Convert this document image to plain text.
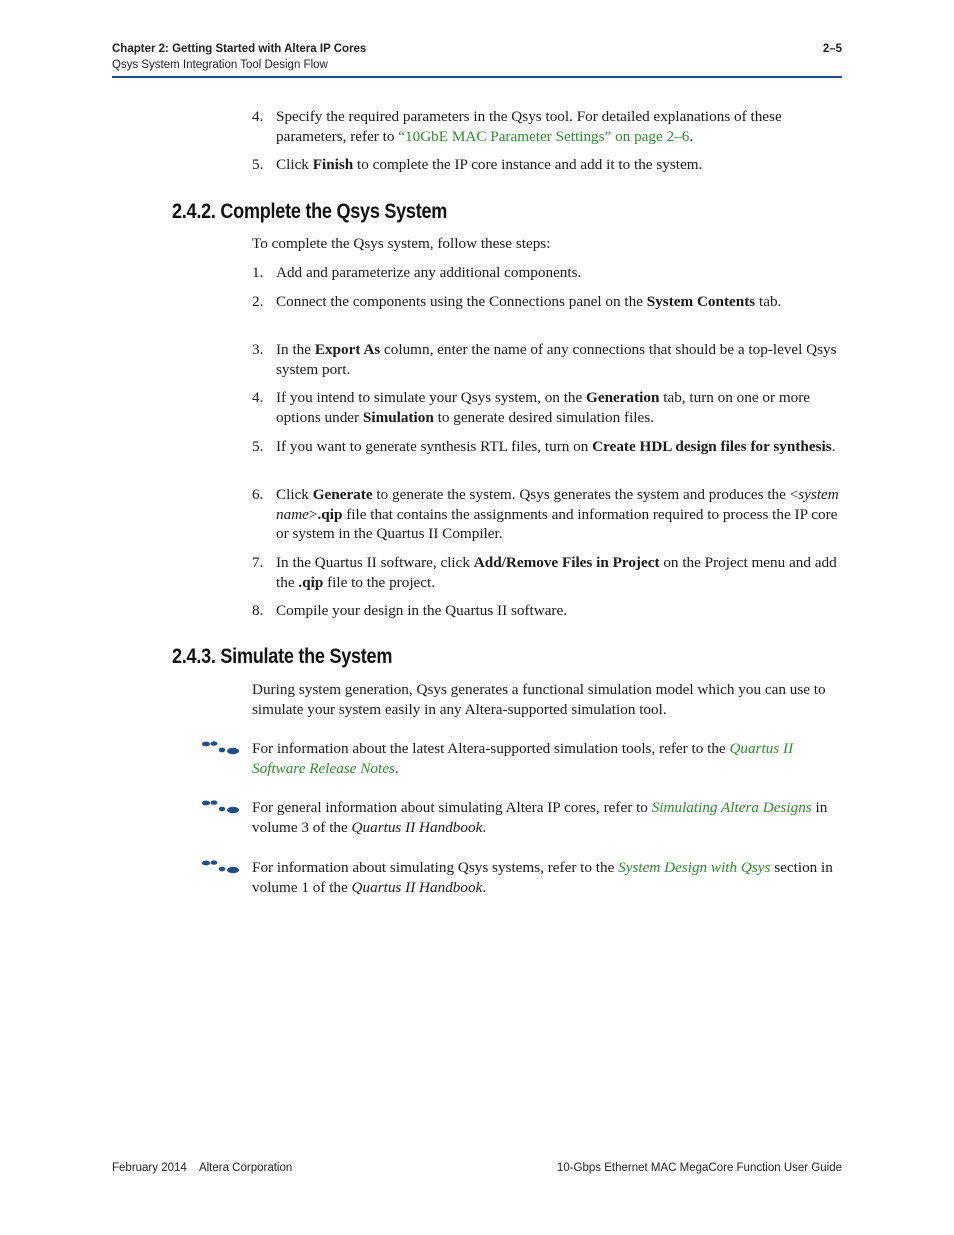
Chapter 2: Getting Started with Altera IP Cores
Qsys System Integration Tool Design Flow
2–5
4. Specify the required parameters in the Qsys tool. For detailed explanations of these parameters, refer to “10GbE MAC Parameter Settings” on page 2–6.
5. Click Finish to complete the IP core instance and add it to the system.
2.4.2. Complete the Qsys System
To complete the Qsys system, follow these steps:
1. Add and parameterize any additional components.
2. Connect the components using the Connections panel on the System Contents tab.
3. In the Export As column, enter the name of any connections that should be a top-level Qsys system port.
4. If you intend to simulate your Qsys system, on the Generation tab, turn on one or more options under Simulation to generate desired simulation files.
5. If you want to generate synthesis RTL files, turn on Create HDL design files for synthesis.
6. Click Generate to generate the system. Qsys generates the system and produces the <system name>.qip file that contains the assignments and information required to process the IP core or system in the Quartus II Compiler.
7. In the Quartus II software, click Add/Remove Files in Project on the Project menu and add the .qip file to the project.
8. Compile your design in the Quartus II software.
2.4.3. Simulate the System
During system generation, Qsys generates a functional simulation model which you can use to simulate your system easily in any Altera-supported simulation tool.
For information about the latest Altera-supported simulation tools, refer to the Quartus II Software Release Notes.
For general information about simulating Altera IP cores, refer to Simulating Altera Designs in volume 3 of the Quartus II Handbook.
For information about simulating Qsys systems, refer to the System Design with Qsys section in volume 1 of the Quartus II Handbook.
February 2014    Altera Corporation	10-Gbps Ethernet MAC MegaCore Function User Guide
